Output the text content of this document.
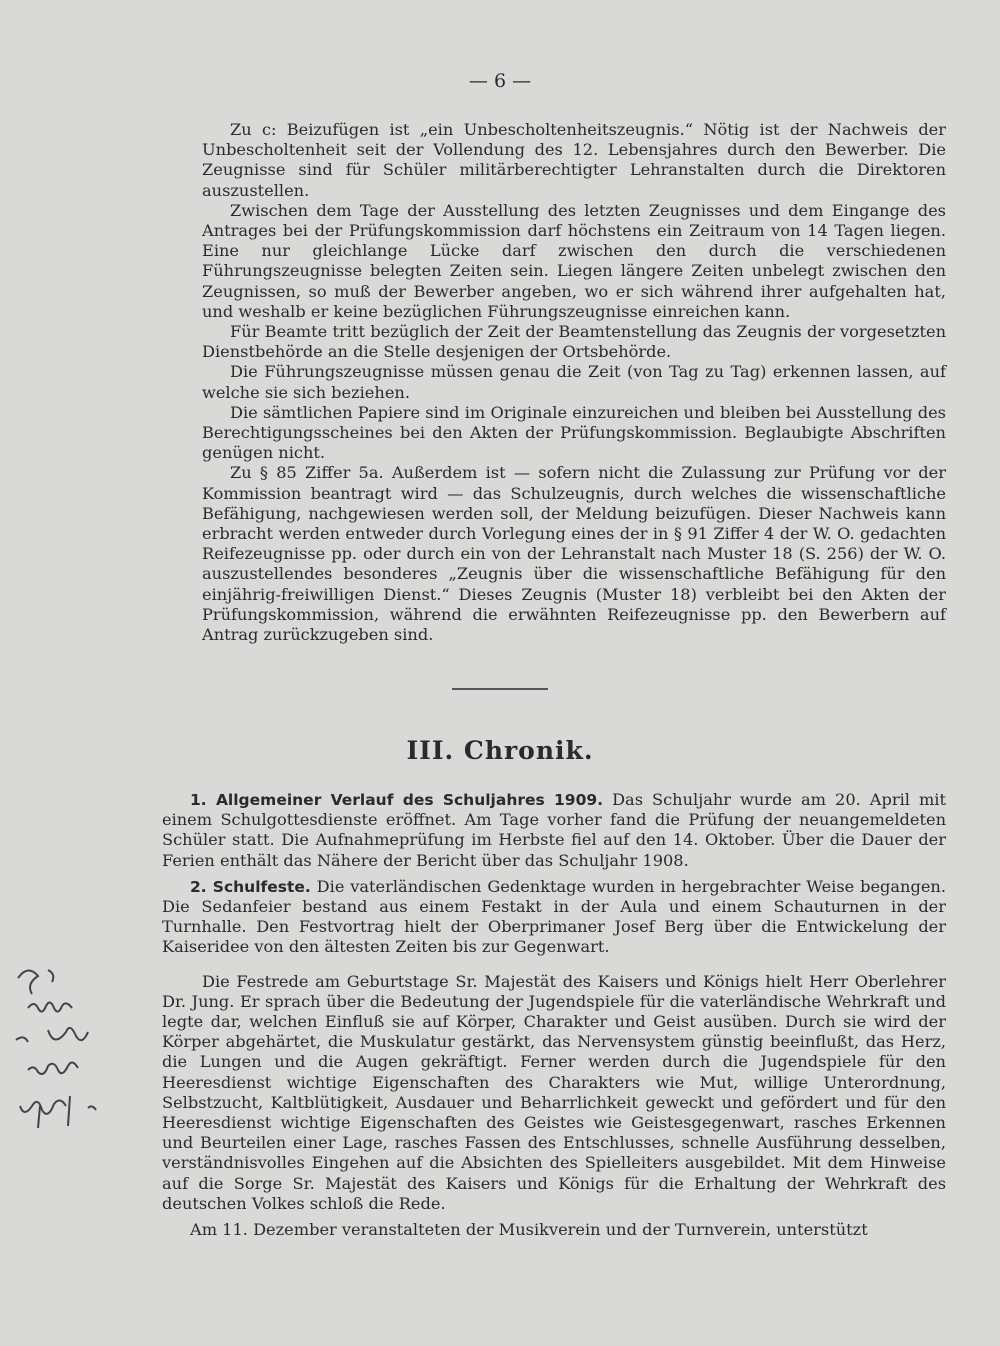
— 6 —

Zu c: Beizufügen ist „ein Unbescholtenheitszeugnis.“ Nötig ist der Nachweis der Unbescholtenheit seit der Vollendung des 12. Lebensjahres durch den Bewerber. Die Zeugnisse sind für Schüler militärberechtigter Lehranstalten durch die Direktoren auszustellen.

Zwischen dem Tage der Ausstellung des letzten Zeugnisses und dem Eingange des Antrages bei der Prüfungskommission darf höchstens ein Zeitraum von 14 Tagen liegen. Eine nur gleichlange Lücke darf zwischen den durch die verschiedenen Führungszeugnisse belegten Zeiten sein. Liegen längere Zeiten unbelegt zwischen den Zeugnissen, so muß der Bewerber angeben, wo er sich während ihrer aufgehalten hat, und weshalb er keine bezüglichen Führungszeugnisse einreichen kann.

Für Beamte tritt bezüglich der Zeit der Beamtenstellung das Zeugnis der vorgesetzten Dienstbehörde an die Stelle desjenigen der Ortsbehörde.

Die Führungszeugnisse müssen genau die Zeit (von Tag zu Tag) erkennen lassen, auf welche sie sich beziehen.

Die sämtlichen Papiere sind im Originale einzureichen und bleiben bei Ausstellung des Berechtigungsscheines bei den Akten der Prüfungskommission. Beglaubigte Abschriften genügen nicht.

Zu § 85 Ziffer 5a. Außerdem ist — sofern nicht die Zulassung zur Prüfung vor der Kommission beantragt wird — das Schulzeugnis, durch welches die wissenschaftliche Befähigung, nachgewiesen werden soll, der Meldung beizufügen. Dieser Nachweis kann erbracht werden entweder durch Vorlegung eines der in § 91 Ziffer 4 der W. O. gedachten Reifezeugnisse pp. oder durch ein von der Lehranstalt nach Muster 18 (S. 256) der W. O. auszustellendes besonderes „Zeugnis über die wissenschaftliche Befähigung für den einjährig-freiwilligen Dienst.“ Dieses Zeugnis (Muster 18) verbleibt bei den Akten der Prüfungskommission, während die erwähnten Reifezeugnisse pp. den Bewerbern auf Antrag zurückzugeben sind.

III. Chronik.

1. Allgemeiner Verlauf des Schuljahres 1909. Das Schuljahr wurde am 20. April mit einem Schulgottesdienste eröffnet. Am Tage vorher fand die Prüfung der neuangemeldeten Schüler statt. Die Aufnahmeprüfung im Herbste fiel auf den 14. Oktober. Über die Dauer der Ferien enthält das Nähere der Bericht über das Schuljahr 1908.

2. Schulfeste. Die vaterländischen Gedenktage wurden in hergebrachter Weise begangen. Die Sedanfeier bestand aus einem Festakt in der Aula und einem Schauturnen in der Turnhalle. Den Festvortrag hielt der Oberprimaner Josef Berg über die Entwickelung der Kaiseridee von den ältesten Zeiten bis zur Gegenwart.

Die Festrede am Geburtstage Sr. Majestät des Kaisers und Königs hielt Herr Oberlehrer Dr. Jung. Er sprach über die Bedeutung der Jugendspiele für die vaterländische Wehrkraft und legte dar, welchen Einfluß sie auf Körper, Charakter und Geist ausüben. Durch sie wird der Körper abgehärtet, die Muskulatur gestärkt, das Nervensystem günstig beeinflußt, das Herz, die Lungen und die Augen gekräftigt. Ferner werden durch die Jugendspiele für den Heeresdienst wichtige Eigenschaften des Charakters wie Mut, willige Unterordnung, Selbstzucht, Kaltblütigkeit, Ausdauer und Beharrlichkeit geweckt und gefördert und für den Heeresdienst wichtige Eigenschaften des Geistes wie Geistesgegenwart, rasches Erkennen und Beurteilen einer Lage, rasches Fassen des Entschlusses, schnelle Ausführung desselben, verständnisvolles Eingehen auf die Absichten des Spielleiters ausgebildet. Mit dem Hinweise auf die Sorge Sr. Majestät des Kaisers und Königs für die Erhaltung der Wehrkraft des deutschen Volkes schloß die Rede.

Am 11. Dezember veranstalteten der Musikverein und der Turnverein, unterstützt
